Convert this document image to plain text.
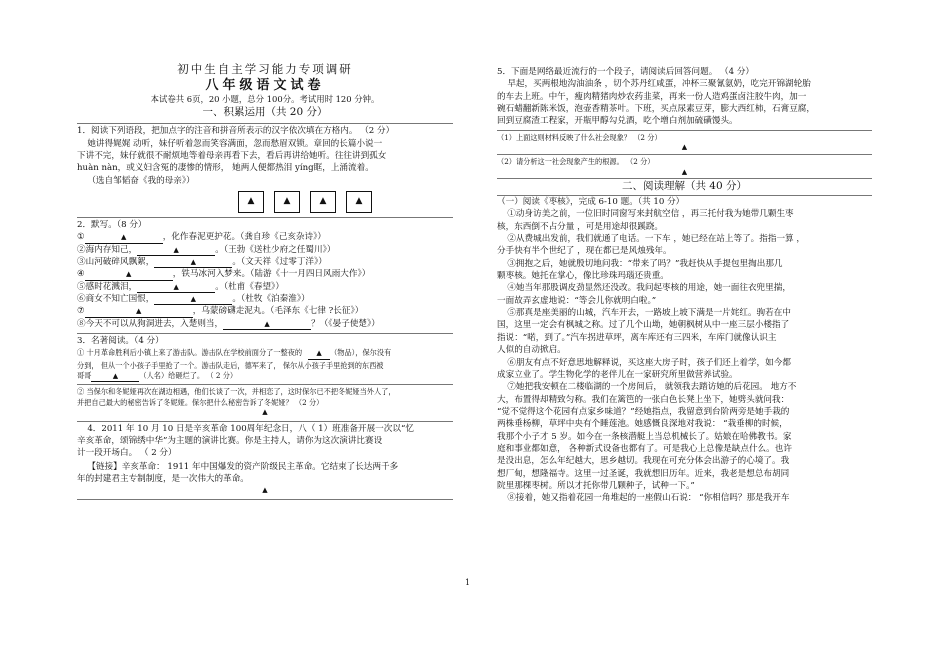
初中生自主学习能力专项调研
八年级语文试卷
本试卷共 6页，20 小题，总分 100分。考试用时 120 分钟。
一、积累运用（共 20 分）
1．阅读下列语段，把加点字的注音和拼音所表示的汉字依次填在方格内。 （2 分）
她讲得娓娓 动听，妹仔听着忽而笑容满面，忽而愁眉双锁。章回的长篇小说一
下讲不完，妹仔就很不耐烦地等着母亲再看下去，看后再讲给她听。往往讲到孤女
huàn nàn，或义妇含冤的凄惨的情形， 她两人便都热泪 yíng眶，上涌流着。
（选自邹韬奋《我的母亲》）
▲	▲	▲	▲
2．默写。（8 分）
①	▲	，化作春泥更护花。（龚自珍《己亥杂诗》）
②海内存知己，	▲	。（王勃《送杜少府之任蜀川》）
③山河破碎风飘絮，	▲	。（文天祥《过零丁洋》）
④	▲	，铁马冰河入梦来。（陆游《十一月四日风雨大作》）
⑤感时花溅泪，	▲	。（杜甫《春望》）
⑥商女不知亡国恨，	▲	。（杜牧《泊秦淮》）
⑦	▲	，乌蒙磅礴走泥丸。（毛泽东《七律 ?长征》）
⑧今天不可以从狗洞进去，入楚则当，	▲	？（《晏子使楚》）
3．名著阅读。（4 分）
① 十月革命胜利后小镇上来了游击队。游击队在学校前面分了一整夜的 ▲ （物品），保尔没有
分到， 但从一个小孩子手里抢了一个。游击队走后，德军来了， 保尔从小孩子手里抢到的东西被
哥哥	▲	（人名）给砸烂了。 （ 2 分）
② 当保尔和冬妮娅再次在湖边相遇，他们长谈了一次，并相恋了，这时保尔已不把冬妮娅当外人了，
并把自己最大的秘密告诉了冬妮娅。保尔把什么秘密告诉了冬妮娅？ （2 分）
▲
4．2011 年 10 月 10 日是辛亥革命 100周年纪念日，八（ 1）班准备开展一次以“忆
辛亥革命，颂锦绣中华”为主题的演讲比赛。你是主持人，请你为这次演讲比赛设
计一段开场白。 （ 2 分）
【链接】辛亥革命： 1911 年中国爆发的资产阶级民主革命。它结束了长达两千多
年的封建君主专制制度，是一次伟大的革命。
▲
5．下面是网络最近流行的一个段子，请阅读后回答问题。 （4 分）
早起，买两根地沟油油条 ，切个苏丹红咸蛋，冲杯三聚氰氨奶，吃完开锦湖轮胎
的车去上班。中午，瘦肉精猪肉炒农药韭菜，再来一份人造鸡蛋卤注胶牛肉，加一
碗石蜡翻新陈米饭，泡壶香精茶叶。下班，买点尿素豆芽，膨大西红柿，石膏豆腐，
回到豆腐渣工程家，开瓶甲醇勾兑酒，吃个增白剂加硫磺馒头。
（1）上面这则材料反映了什么社会现象？ （2 分）
▲
（2）请分析这一社会现象产生的根源。 （2 分）
▲
二、阅读理解（共 40 分）
（一）阅读《枣核》，完成 6-10 题。（共 10 分）
①动身访美之前，一位旧时同窗写来封航空信 ，再三托付我为她带几颗生枣
核，东西倒不占分量 ，可是用途却很蹊跷。
②从费城出发前，我们就通了电话。一下车 ，她已经在站上等了。指指一算 ，
分手快有半个世纪了 ，现在都已是风烛残年。
③拥抱之后，她就殷切地问我：“带来了吗？”我赶快从手提包里掏出那几
颗枣核。她托在掌心，像比珍珠玛瑙还贵重。
④她当年那股调皮劲显然还没改。我问起枣核的用途，她一面往衣兜里揣，
一面故弄玄虚地说：“等会儿你就明白啦。”
⑤那真是座美丽的山城，汽车开去，一路坡上坡下满是一片姹红。驹若在中
国，这里一定会有枫城之称。过了几个山坳，她朝枫树从中一座三层小楼指了
指说：“喏，到了。”汽车拐进草坪，离车库还有三四米，车库门就像认识主
人似的自动掀启。
⑥朋友有点不好意思地解释说，买这座大房子时，孩子们还上着学，如今都
成家立业了。学生物化学的老伴儿在一家研究所里做营养试验。
⑦她把我安顿在二楼临湖的一个房间后， 就领我去踏访她的后花园。 地方不
大，布置得却精致匀称。我们在篱笆的一张白色长凳上坐下，她劈头就问我：
“觉不觉得这个花园有点家乡味道？”经她指点，我留意到台阶两旁是她手栽的
两株垂杨柳，草坪中央有个睡莲池。她感慨良深地对我说： “栽垂柳的时候，
我那个小子才 5 岁。如今在一条核潜艇上当总机械长了。姑娘在哈佛教书。家
庭和事业都如意， 各种新式设备也都有了。可是我心上总像是缺点什么。也许
是没出息，怎么年纪越大，思乡越切。我现在可充分体会出游子的心境了。我
想厂甸，想隆福寺。这里一过圣诞，我就想旧历年。近来，我老是想总布胡同
院里那棵枣树。所以才托你带几颗种子，试种一下。”
⑧接着，她又指着花园一角堆起的一座假山石说： “你相信吗？那是我开车
1
